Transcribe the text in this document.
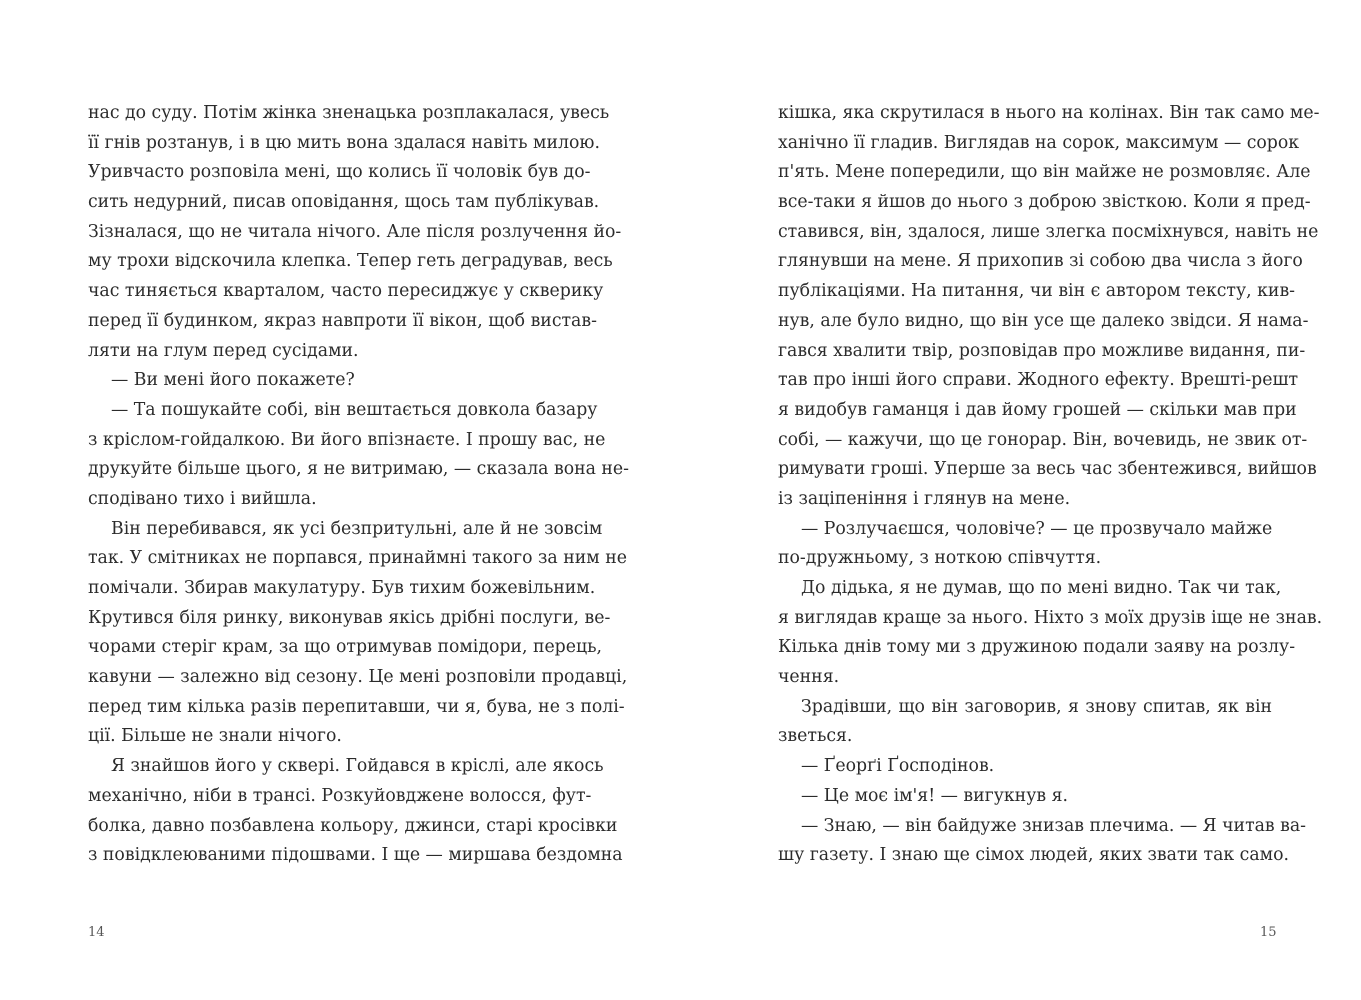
нас до суду. Потім жінка зненацька розплакалася, увесь
її гнів розтанув, і в цю мить вона здалася навіть милою.
Уривчасто розповіла мені, що колись її чоловік був до-
сить недурний, писав оповідання, щось там публікував.
Зізналася, що не читала нічого. Але після розлучення йо-
му трохи відскочила клепка. Тепер геть деградував, весь
час тиняється кварталом, часто пересиджує у скверику
перед її будинком, якраз навпроти її вікон, щоб вистав-
ляти на глум перед сусідами.
— Ви мені його покажете?
— Та пошукайте собі, він вештається довкола базару
з кріслом-гойдалкою. Ви його впізнаєте. І прошу вас, не
друкуйте більше цього, я не витримаю, — сказала вона не-
сподівано тихо і вийшла.
Він перебивався, як усі безпритульні, але й не зовсім
так. У смітниках не порпався, принаймні такого за ним не
помічали. Збирав макулатуру. Був тихим божевільним.
Крутився біля ринку, виконував якісь дрібні послуги, ве-
чорами стеріг крам, за що отримував помідори, перець,
кавуни — залежно від сезону. Це мені розповіли продавці,
перед тим кілька разів перепитавши, чи я, бува, не з полі-
ції. Більше не знали нічого.
Я знайшов його у сквері. Гойдався в кріслі, але якось
механічно, ніби в трансі. Розкуйовджене волосся, фут-
болка, давно позбавлена кольору, джинси, старі кросівки
з повідклеюваними підошвами. І ще — миршава бездомна
14
кішка, яка скрутилася в нього на колінах. Він так само ме-
ханічно її гладив. Виглядав на сорок, максимум — сорок
п'ять. Мене попередили, що він майже не розмовляє. Але
все-таки я йшов до нього з доброю звісткою. Коли я пред-
ставився, він, здалося, лише злегка посміхнувся, навіть не
глянувши на мене. Я прихопив зі собою два числа з його
публікаціями. На питання, чи він є автором тексту, кив-
нув, але було видно, що він усе ще далеко звідси. Я нама-
гався хвалити твір, розповідав про можливе видання, пи-
тав про інші його справи. Жодного ефекту. Врешті-решт
я видобув гаманця і дав йому грошей — скільки мав при
собі, — кажучи, що це гонорар. Він, вочевидь, не звик от-
римувати гроші. Уперше за весь час збентежився, вийшов
із заціпеніння і глянув на мене.
— Розлучаєшся, чоловіче? — це прозвучало майже
по-дружньому, з ноткою співчуття.
До дідька, я не думав, що по мені видно. Так чи так,
я виглядав краще за нього. Ніхто з моїх друзів іще не знав.
Кілька днів тому ми з дружиною подали заяву на розлу-
чення.
Зрадівши, що він заговорив, я знову спитав, як він
зветься.
— Ґеорґі Ґосподінов.
— Це моє ім'я! — вигукнув я.
— Знаю, — він байдуже знизав плечима. — Я читав ва-
шу газету. І знаю ще сімох людей, яких звати так само.
15
